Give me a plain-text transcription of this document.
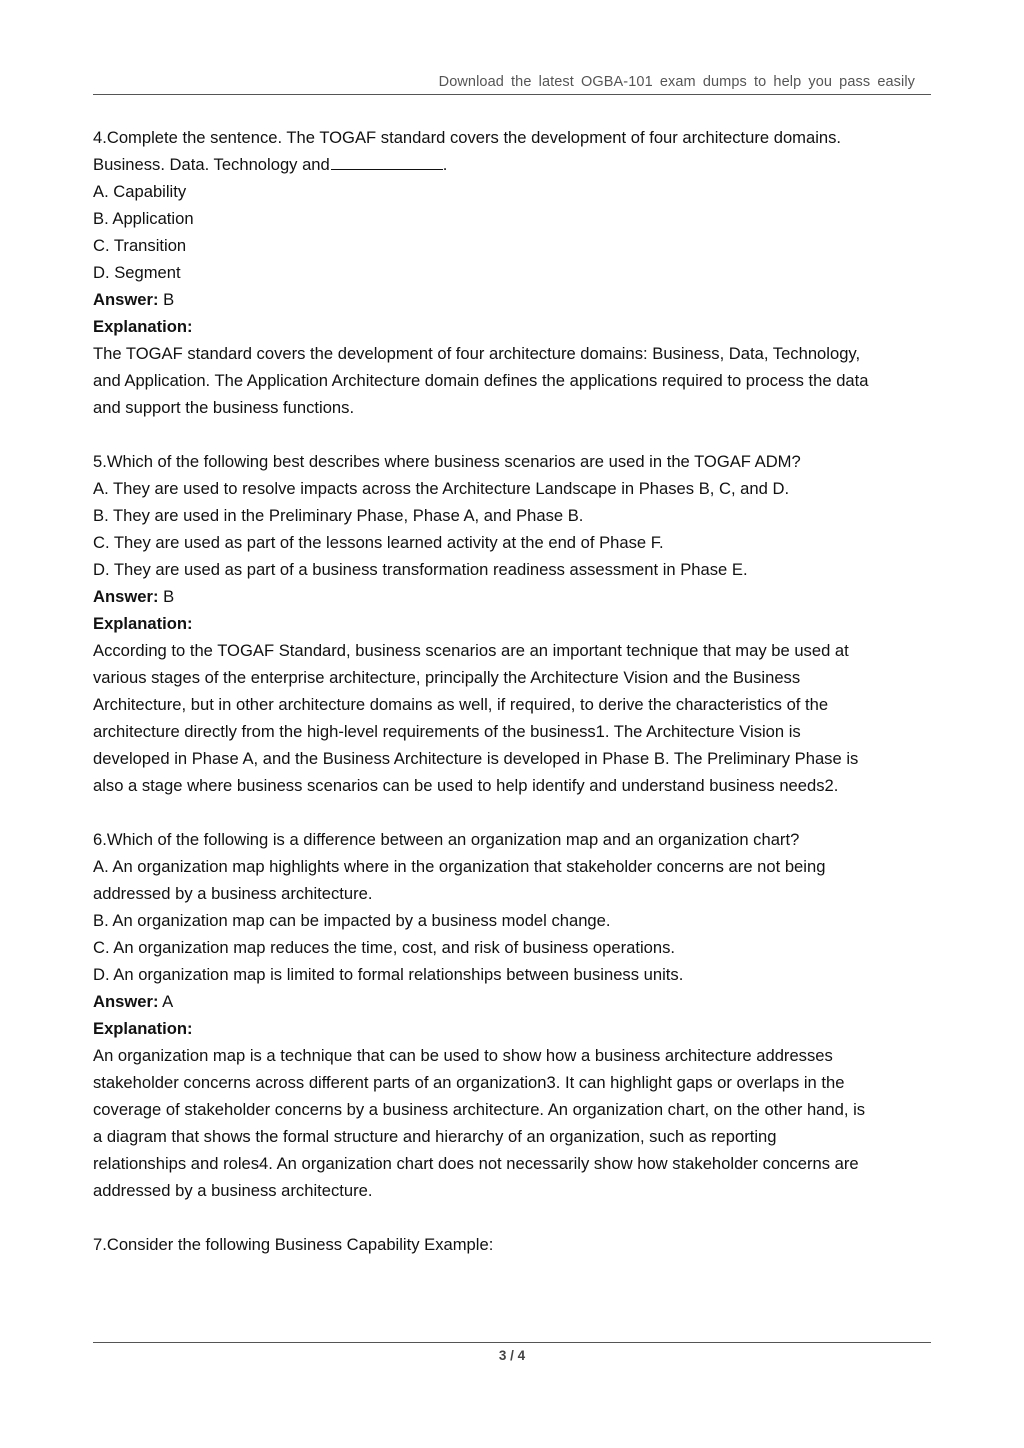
Download the latest OGBA-101 exam dumps to help you pass easily
4.Complete the sentence. The TOGAF standard covers the development of four architecture domains.
Business. Data. Technology and	.
A. Capability
B. Application
C. Transition
D. Segment
Answer: B
Explanation:
The TOGAF standard covers the development of four architecture domains: Business, Data, Technology,
and Application. The Application Architecture domain defines the applications required to process the data
and support the business functions.
5.Which of the following best describes where business scenarios are used in the TOGAF ADM?
A. They are used to resolve impacts across the Architecture Landscape in Phases B, C, and D.
B. They are used in the Preliminary Phase, Phase A, and Phase B.
C. They are used as part of the lessons learned activity at the end of Phase F.
D. They are used as part of a business transformation readiness assessment in Phase E.
Answer: B
Explanation:
According to the TOGAF Standard, business scenarios are an important technique that may be used at
various stages of the enterprise architecture, principally the Architecture Vision and the Business
Architecture, but in other architecture domains as well, if required, to derive the characteristics of the
architecture directly from the high-level requirements of the business1. The Architecture Vision is
developed in Phase A, and the Business Architecture is developed in Phase B. The Preliminary Phase is
also a stage where business scenarios can be used to help identify and understand business needs2.
6.Which of the following is a difference between an organization map and an organization chart?
A. An organization map highlights where in the organization that stakeholder concerns are not being
addressed by a business architecture.
B. An organization map can be impacted by a business model change.
C. An organization map reduces the time, cost, and risk of business operations.
D. An organization map is limited to formal relationships between business units.
Answer: A
Explanation:
An organization map is a technique that can be used to show how a business architecture addresses
stakeholder concerns across different parts of an organization3. It can highlight gaps or overlaps in the
coverage of stakeholder concerns by a business architecture. An organization chart, on the other hand, is
a diagram that shows the formal structure and hierarchy of an organization, such as reporting
relationships and roles4. An organization chart does not necessarily show how stakeholder concerns are
addressed by a business architecture.
7.Consider the following Business Capability Example:
3 / 4
